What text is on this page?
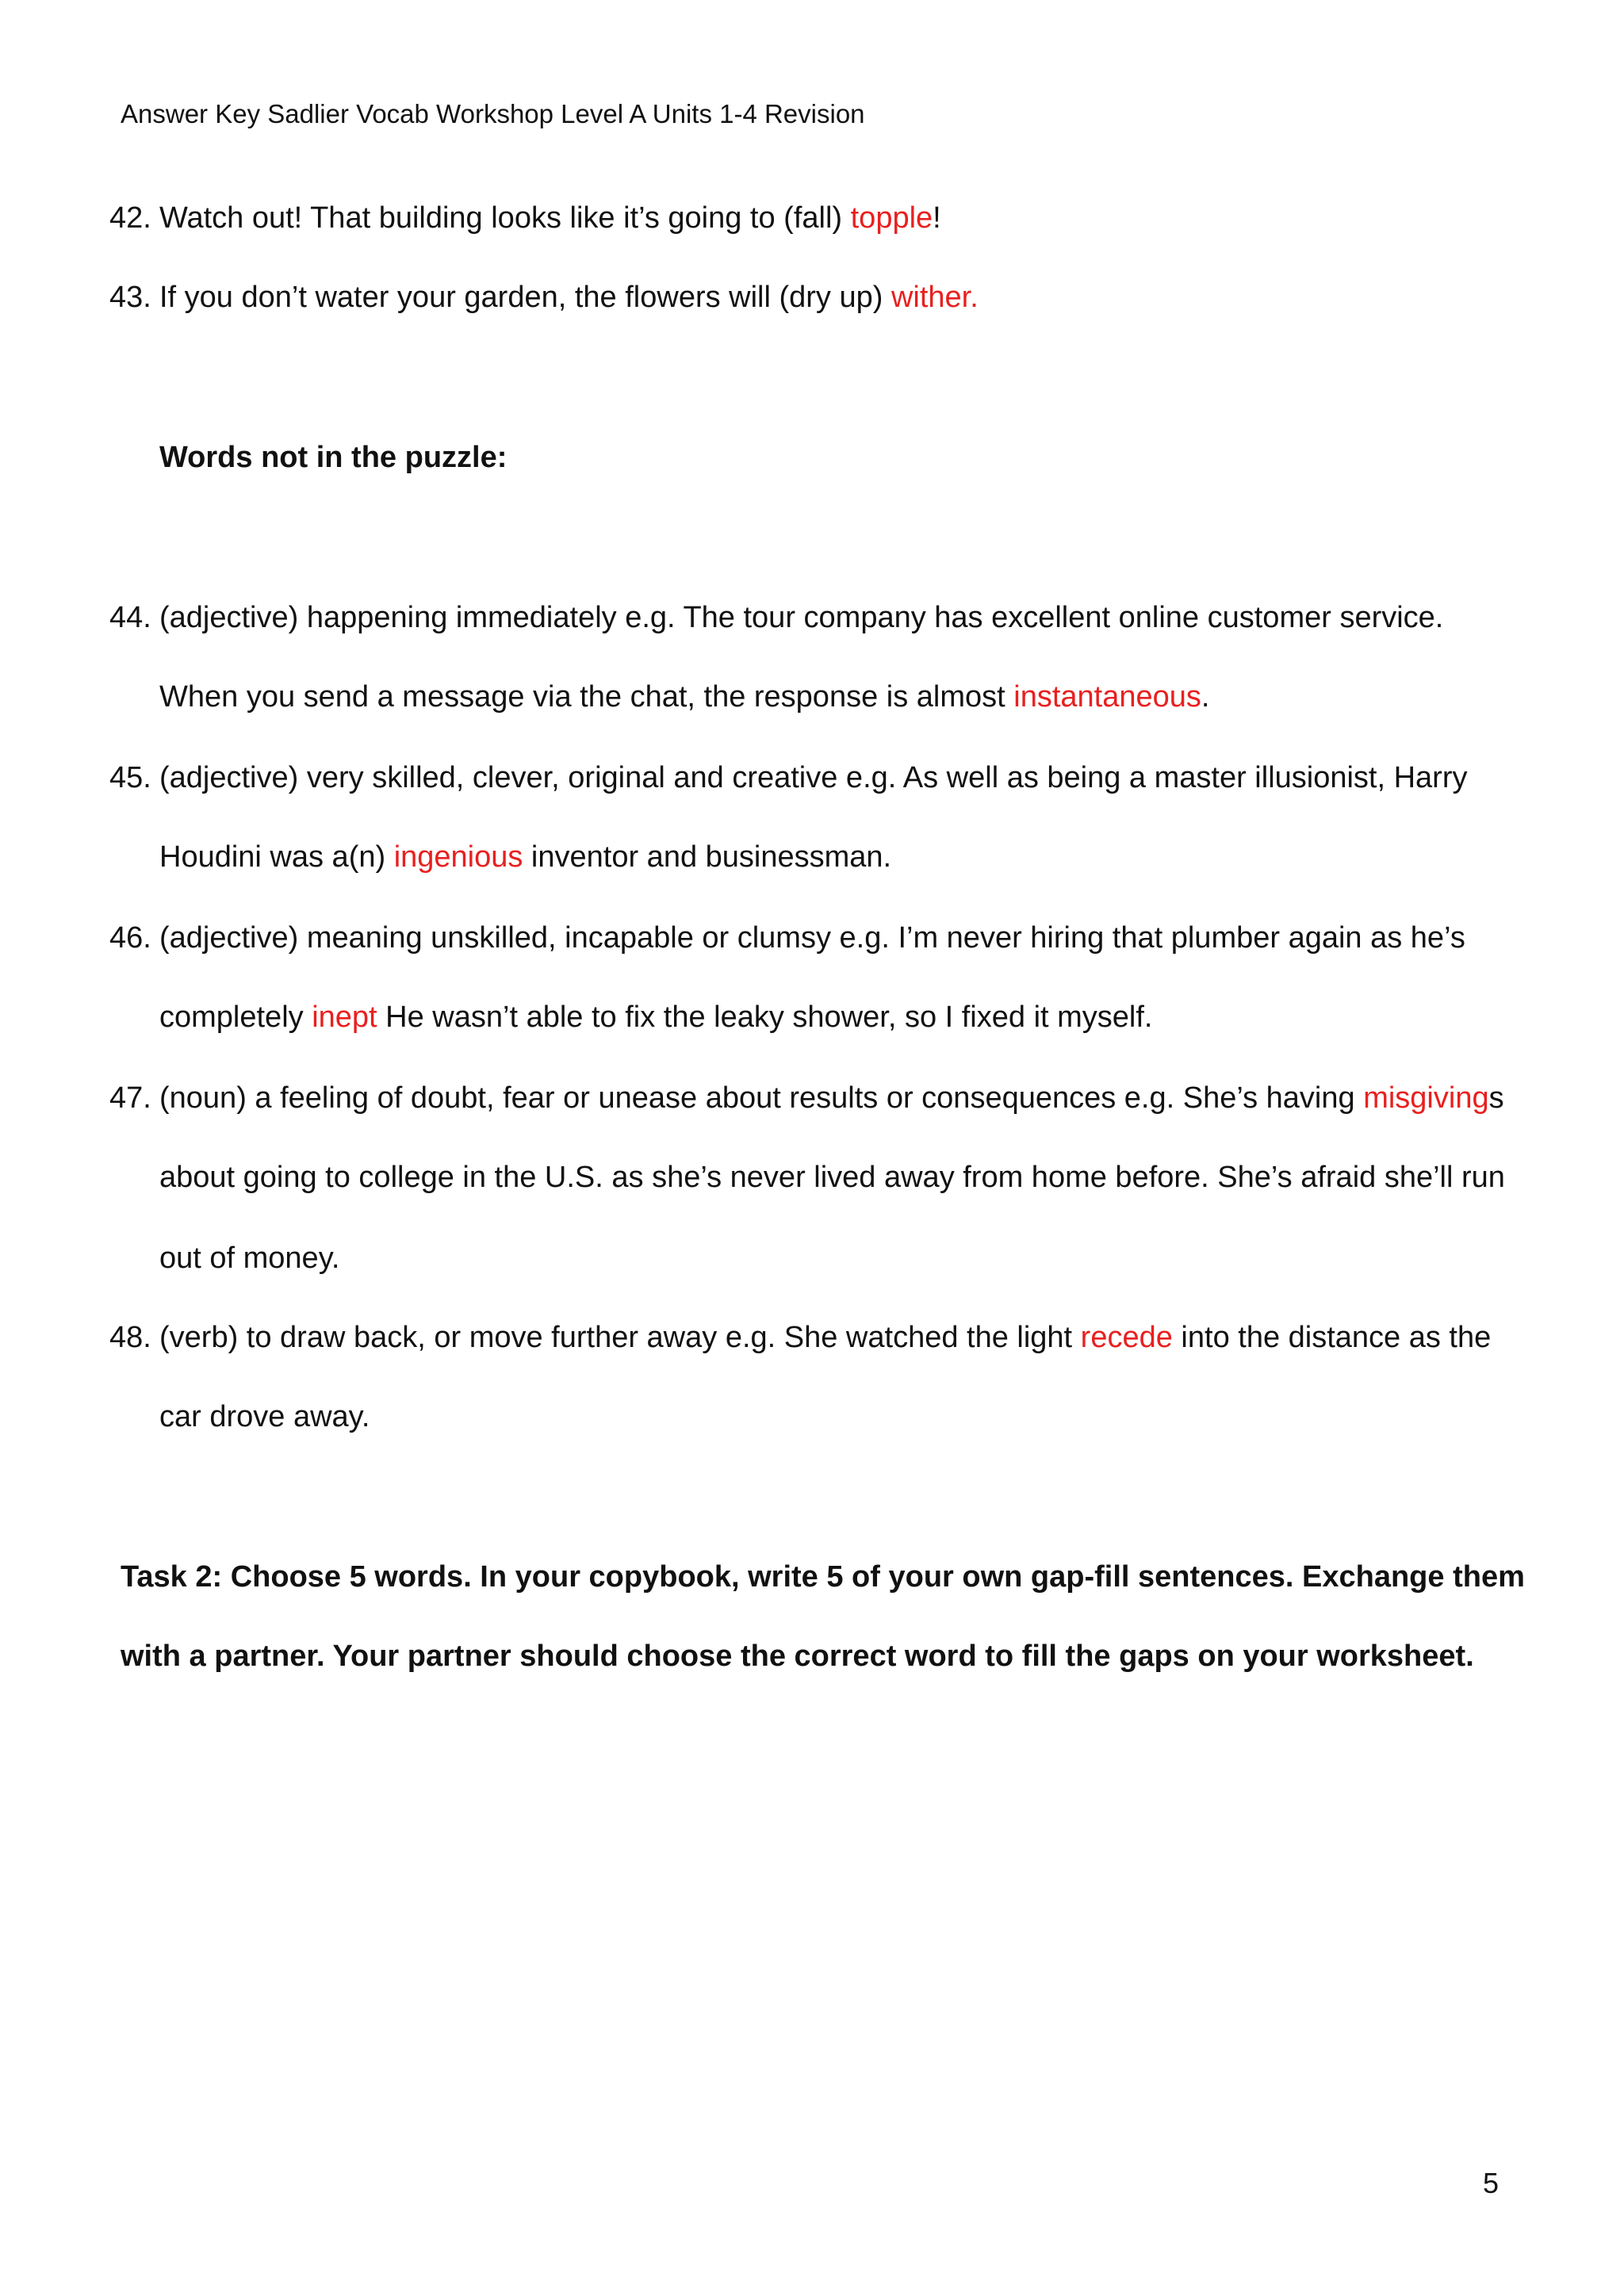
Answer Key Sadlier Vocab Workshop Level A Units 1-4 Revision
42. Watch out! That building looks like it’s going to (fall) topple!
43. If you don’t water your garden, the flowers will (dry up) wither.
Words not in the puzzle:
44. (adjective) happening immediately e.g. The tour company has excellent online customer service.
When you send a message via the chat, the response is almost instantaneous.
45. (adjective) very skilled, clever, original and creative e.g. As well as being a master illusionist, Harry
Houdini was a(n) ingenious inventor and businessman.
46. (adjective) meaning unskilled, incapable or clumsy e.g. I’m never hiring that plumber again as he’s
completely inept He wasn’t able to fix the leaky shower, so I fixed it myself.
47. (noun) a feeling of doubt, fear or unease about results or consequences e.g. She’s having misgivings
about going to college in the U.S. as she’s never lived away from home before. She’s afraid she’ll run
out of money.
48. (verb) to draw back, or move further away e.g. She watched the light recede into the distance as the
car drove away.
Task 2: Choose 5 words. In your copybook, write 5 of your own gap-fill sentences. Exchange them
with a partner. Your partner should choose the correct word to fill the gaps on your worksheet.
5
